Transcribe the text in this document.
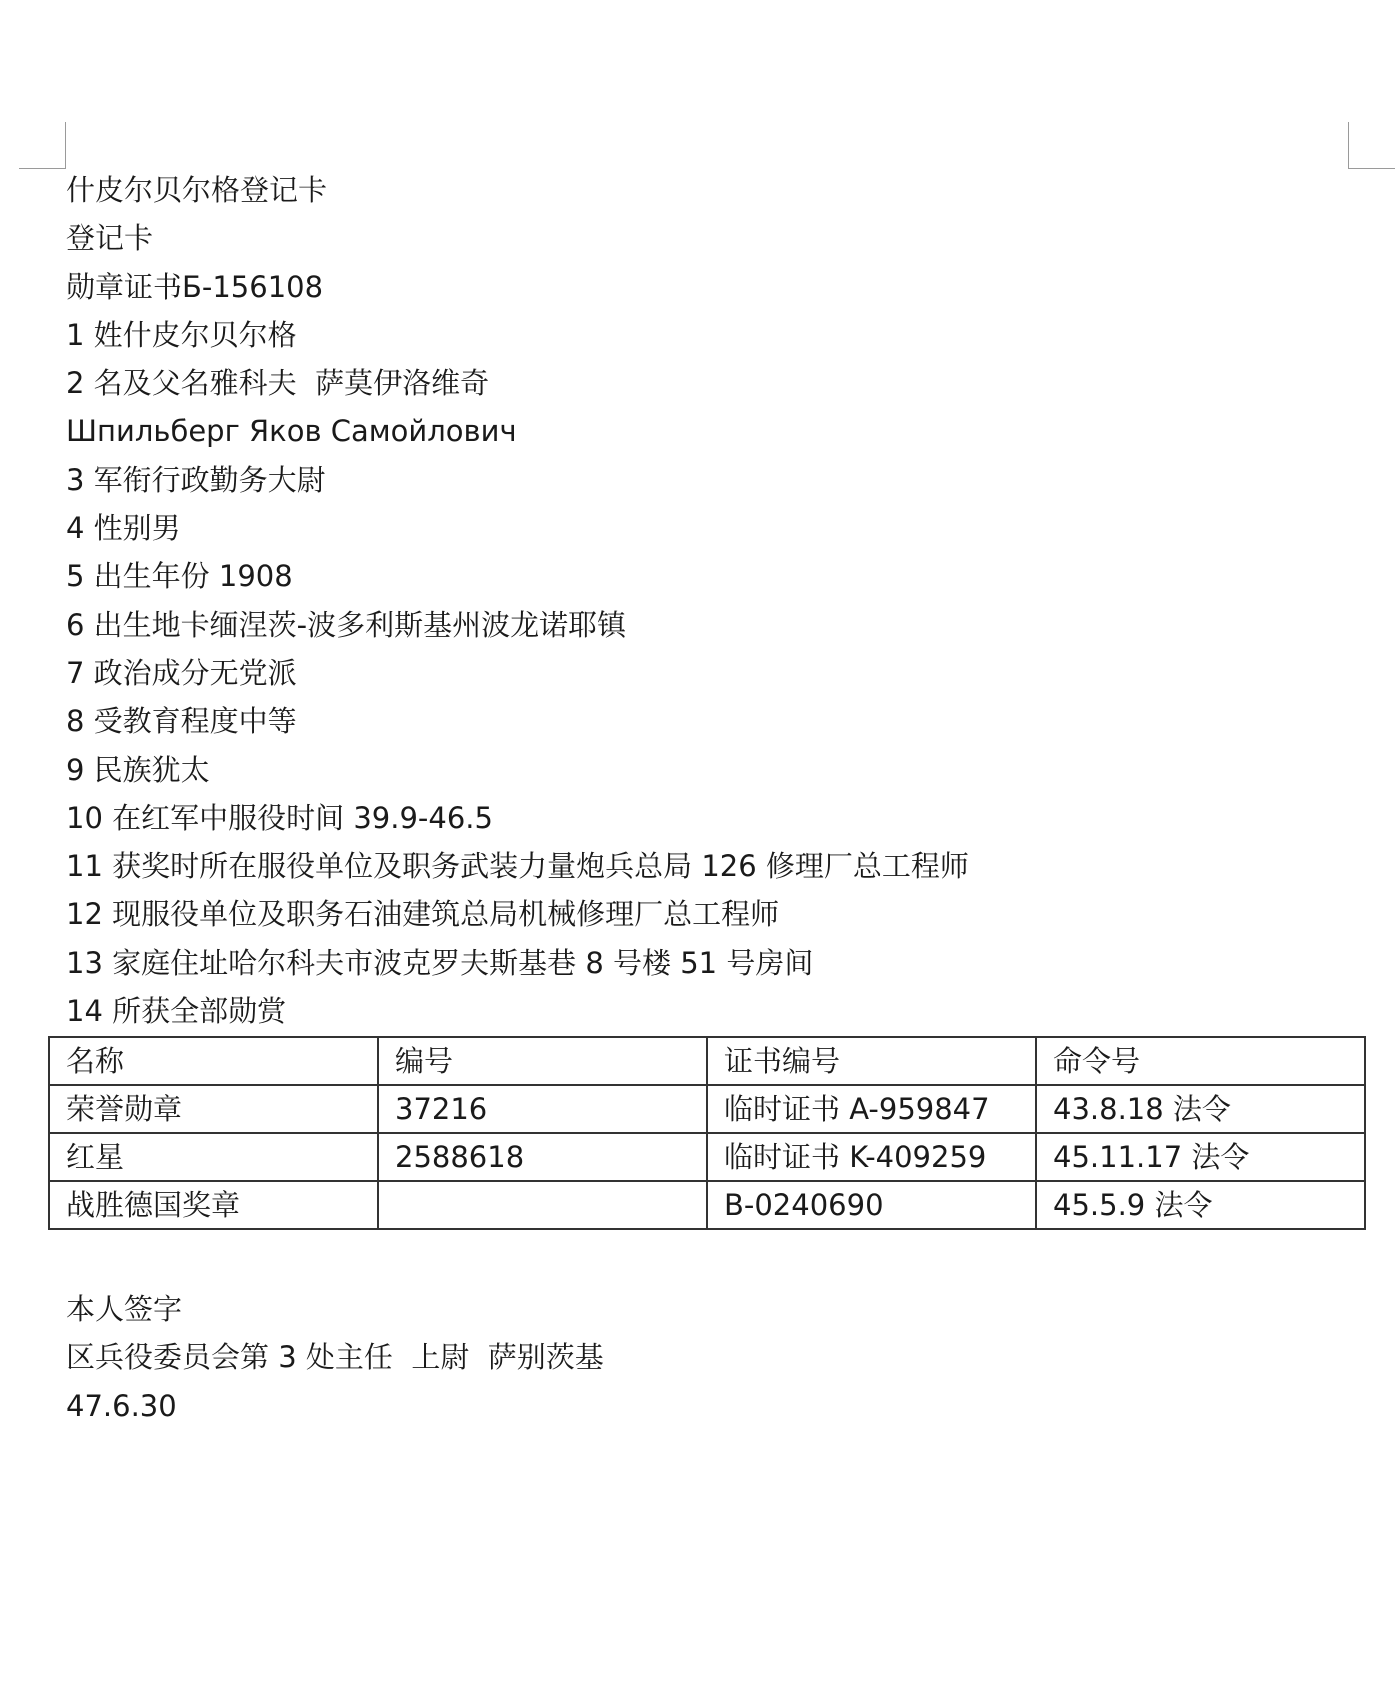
什皮尔贝尔格登记卡
登记卡
勋章证书Б-156108
1 姓什皮尔贝尔格
2 名及父名雅科夫  萨莫伊洛维奇
Шпильберг Яков Самойлович
3 军衔行政勤务大尉
4 性别男
5 出生年份 1908
6 出生地卡缅涅茨-波多利斯基州波龙诺耶镇
7 政治成分无党派
8 受教育程度中等
9 民族犹太
10 在红军中服役时间 39.9-46.5
11 获奖时所在服役单位及职务武装力量炮兵总局 126 修理厂总工程师
12 现服役单位及职务石油建筑总局机械修理厂总工程师
13 家庭住址哈尔科夫市波克罗夫斯基巷 8 号楼 51 号房间
14 所获全部勋赏
名称	编号	证书编号	命令号
荣誉勋章	37216	临时证书 A-959847	43.8.18 法令
红星	2588618	临时证书 K-409259	45.11.17 法令
战胜德国奖章		B-0240690	45.5.9 法令
本人签字
区兵役委员会第 3 处主任  上尉  萨别茨基
47.6.30
